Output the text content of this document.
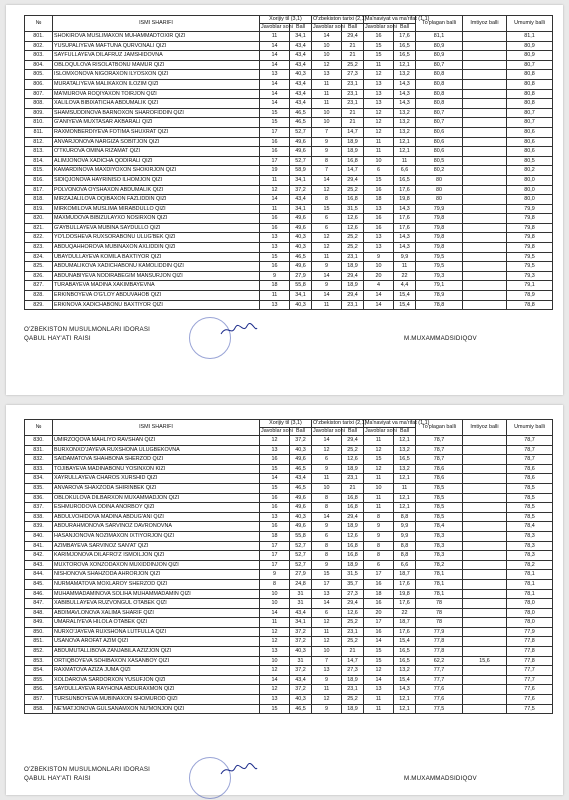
№	ISMI SHARIFI	Xorijiy til (3,1)		O'zbekiston tarixi (2,1)		Ma'naviyat va ma'rifat (1,1)		To'plagan balli	Imtiyoz balli	Umumiy balli
		Javoblar soni	Ball	Javoblar soni	Ball	Javoblar soni	Ball			
801.	SHOKIROVA MUSLIMAXON MUHAMMADTOXIR QIZI	11	34,1	14	29,4	16	17,6	81,1		81,1
802.	YUSUPALIYEVA MAFTUNA QURVONALI QIZI	14	43,4	10	21	15	16,5	80,9		80,9
803.	SAYFULLAYEVA DILAFRUZ JAMSHIDOVNA	14	43,4	10	21	15	16,5	80,9		80,9
804.	OBLOQULOVA RISOLATBONU MAMUR QIZI	14	43,4	12	25,2	11	12,1	80,7		80,7
805.	ISLOMXONOVA NIGORAXON ILYOSXON QIZI	13	40,3	13	27,3	12	13,2	80,8		80,8
806.	MURATALIYEVA MALIKAXON ILOZIM QIZI	14	43,4	11	23,1	13	14,3	80,8		80,8
807.	MA'MUROVA ROQIYAXON TOIRJON QIZI	14	43,4	11	23,1	13	14,3	80,8		80,8
808.	XALILOVA BIBIXATICHA ABDUMALIK QIZI	14	43,4	11	23,1	13	14,3	80,8		80,8
809.	SHAMSUDDINOVA BARNOXON SHAROFIDDIN QIZI	15	46,5	10	21	12	13,2	80,7		80,7
810.	G'ANIYEVA MUXTASAR AKBARALI QIZI	15	46,5	10	21	12	13,2	80,7		80,7
811.	RAXMONBERDIYEVA FOTIMA SHUXRAT QIZI	17	52,7	7	14,7	12	13,2	80,6		80,6
812.	ANVARJONOVA NARGIZA SOBITJON QIZI	16	49,6	9	18,9	11	12,1	80,6		80,6
813.	O'TKUROVA OMINA RIZAMAT QIZI	16	49,6	9	18,9	11	12,1	80,6		80,6
814.	ALIMJONOVA XADICHA QODIRALI QIZI	17	52,7	8	16,8	10	11	80,5		80,5
815.	KAMARDINOVA MAXDIYOXON SHOKIRJON QIZI	19	58,9	7	14,7	6	6,6	80,2		80,2
816.	SIDIQJONOVA HAYRINISO ILHOMJON QIZI	11	34,1	14	29,4	15	16,5	80		80,0
817.	POLVONOVA OYSHAXON ABDUMALIK QIZI	12	37,2	12	25,2	16	17,6	80		80,0
818.	MIRZAJALILOVA OQIBAXON FAZLIDDIN QIZI	14	43,4	8	16,8	18	19,8	80		80,0
819.	MIRKOMILOVA MUSLIMA MIRABDULLO QIZI	11	34,1	15	31,5	13	14,3	79,9		79,9
820.	MAXMUDOVA BIBIZULAYXO NOSIRXON QIZI	16	49,6	6	12,6	16	17,6	79,8		79,8
821.	G'AYBULLAYEVA MUBINA SAYDULLO QIZI	16	49,6	6	12,6	16	17,6	79,8		79,8
822.	YO'LDOSHEVA RUXSORABONU ULUG'BEK QIZI	13	40,3	12	25,2	13	14,3	79,8		79,8
823.	ABDUQAHHOROVA MUBINAXON AXLIDDIN QIZI	13	40,3	12	25,2	13	14,3	79,8		79,8
824.	UBAYDULLAYEVA KOMILA BAXTIYOR QIZI	15	46,5	11	23,1	9	9,9	79,5		79,5
825.	ABDUMALIKOVA XADICHABONU KAMOLIDDIN QIZI	16	49,6	9	18,9	10	11	79,5		79,5
826.	ABDUNABIYEVA NODIRABEGIM MANSURJON QIZI	9	27,9	14	29,4	20	22	79,3		79,3
827.	TURABAYEVA MADINA XAKIMBAYEVNA	18	55,8	9	18,9	4	4,4	79,1		79,1
828.	ERKINBOYEVA O'G'LOY ABDUVAHOB QIZI	11	34,1	14	29,4	14	15,4	78,9		78,9
829.	ERKINOVA XADICHABONU BAXTIYOR QIZI	13	40,3	11	23,1	14	15,4	78,8		78,8
O'ZBEKISTON MUSULMONLARI IDORASI
QABUL HAY'ATI RAISI	M.MUXAMMADSIDIQOV
№	ISMI SHARIFI	Xorijiy til (3,1)		O'zbekiston tarixi (2,1)		Ma'naviyat va ma'rifat (1,1)		To'plagan balli	Imtiyoz balli	Umumiy balli
		Javoblar soni	Ball	Javoblar soni	Ball	Javoblar soni	Ball			
830.	UMIRZOQOVA MAHLIYO RAVSHAN QIZI	12	37,2	14	29,4	11	12,1	78,7		78,7
831.	BURXONXO'JAYEVA RUXSHONA ULUGBEKOVNA	13	40,3	12	25,2	12	13,2	78,7		78,7
832.	SAIDAMATOVA SHAHBONA SHERZOD QIZI	16	49,6	6	12,6	15	16,5	78,7		78,7
833.	TOJIBAYEVA MADINABONU YOSINXON KIZI	15	46,5	9	18,9	12	13,2	78,6		78,6
834.	XAYRULLAYEVA CHAROS XURSHID QIZI	14	43,4	11	23,1	11	12,1	78,6		78,6
835.	ANVAROVA SHAXZODA SHIRINBEK QIZI	15	46,5	10	21	10	11	78,5		78,5
836.	OBLOKULOVA DILBARXON MUXAMMADJON QIZI	16	49,6	8	16,8	11	12,1	78,5		78,5
837.	ESHMURODOVA ODINA ANORBOY QIZI	16	49,6	8	16,8	11	12,1	78,5		78,5
838.	ABDULVOHIDOVA MADINA ABDUG'ANI QIZI	13	40,3	14	29,4	8	8,8	78,5		78,5
839.	ABDURAHMONOVA SARVINOZ DAVRONOVNA	16	49,6	9	18,9	9	9,9	78,4		78,4
840.	HASANJONOVA NOZIMAXON IXTIYORJON QIZI	18	55,8	6	12,6	9	9,9	78,3		78,3
841.	AZIMBAYEVA SARVINOZ SAN'AT QIZI	17	52,7	8	16,8	8	8,8	78,3		78,3
842.	KARIMJONOVA DILAFRO'Z ISMOILJON QIZI	17	52,7	8	16,8	8	8,8	78,3		78,3
843.	MUXTOROVA XONZODAXON MUXIDDINJON QIZI	17	52,7	9	18,9	6	6,6	78,2		78,2
844.	NISHONOVA SHAHZODA AHRORJON QIZI	9	27,9	15	31,5	17	18,7	78,1		78,1
845.	NURMAMATOVA MOXLAROY SHERZOD QIZI	8	24,8	17	35,7	16	17,6	78,1		78,1
846.	MUHAMMADAMINOVA SOLIHA MUHAMMADAMIN QIZI	10	31	13	27,3	18	19,8	78,1		78,1
847.	XABIBULLAYEVA RUZVONGUL OTABEK QIZI	10	31	14	29,4	16	17,6	78		78,0
848.	ABDIMAVLONOVA XALIMA SHARIF QIZI	14	43,4	6	12,6	20	22	78		78,0
849.	UMARALIYEVA HILOLA OTABEK QIZI	11	34,1	12	25,2	17	18,7	78		78,0
850.	NURXO'JAYEVA RUXSHONA LUTFULLA QIZI	12	37,2	11	23,1	16	17,6	77,9		77,9
851.	USANOVA AROFAT AZIM QIZI	12	37,2	12	25,2	14	15,4	77,8		77,8
852.	ABDUMUTALLIBOVA ZANJABILA AZIZJON QIZI	13	40,3	10	21	15	16,5	77,8		77,8
853.	ORTIQBOYEVA SOHIBAXON XASANBOY QIZI	10	31	7	14,7	15	16,5	62,2	15,6	77,8
854.	RAXMATOVA AZIZA JUMA QIZI	12	37,2	13	27,3	12	13,2	77,7		77,7
855.	XOLDAROVA SARDORXON YUSUFJON QIZI	14	43,4	9	18,9	14	15,4	77,7		77,7
856.	SAYDULLAYEVA RAYHONA ABDURAXMON QIZI	12	37,2	11	23,1	13	14,3	77,6		77,6
857.	TURSUNBOYEVA MUBINAXON SHOMUROD QIZI	13	40,3	12	25,2	11	12,1	77,6		77,6
858.	NE'MATJONOVA GULSANAMXON NU'MONJON QIZI	15	46,5	9	18,9	11	12,1	77,5		77,5
O'ZBEKISTON MUSULMONLARI IDORASI
QABUL HAY'ATI RAISI	M.MUXAMMADSIDIQOV
